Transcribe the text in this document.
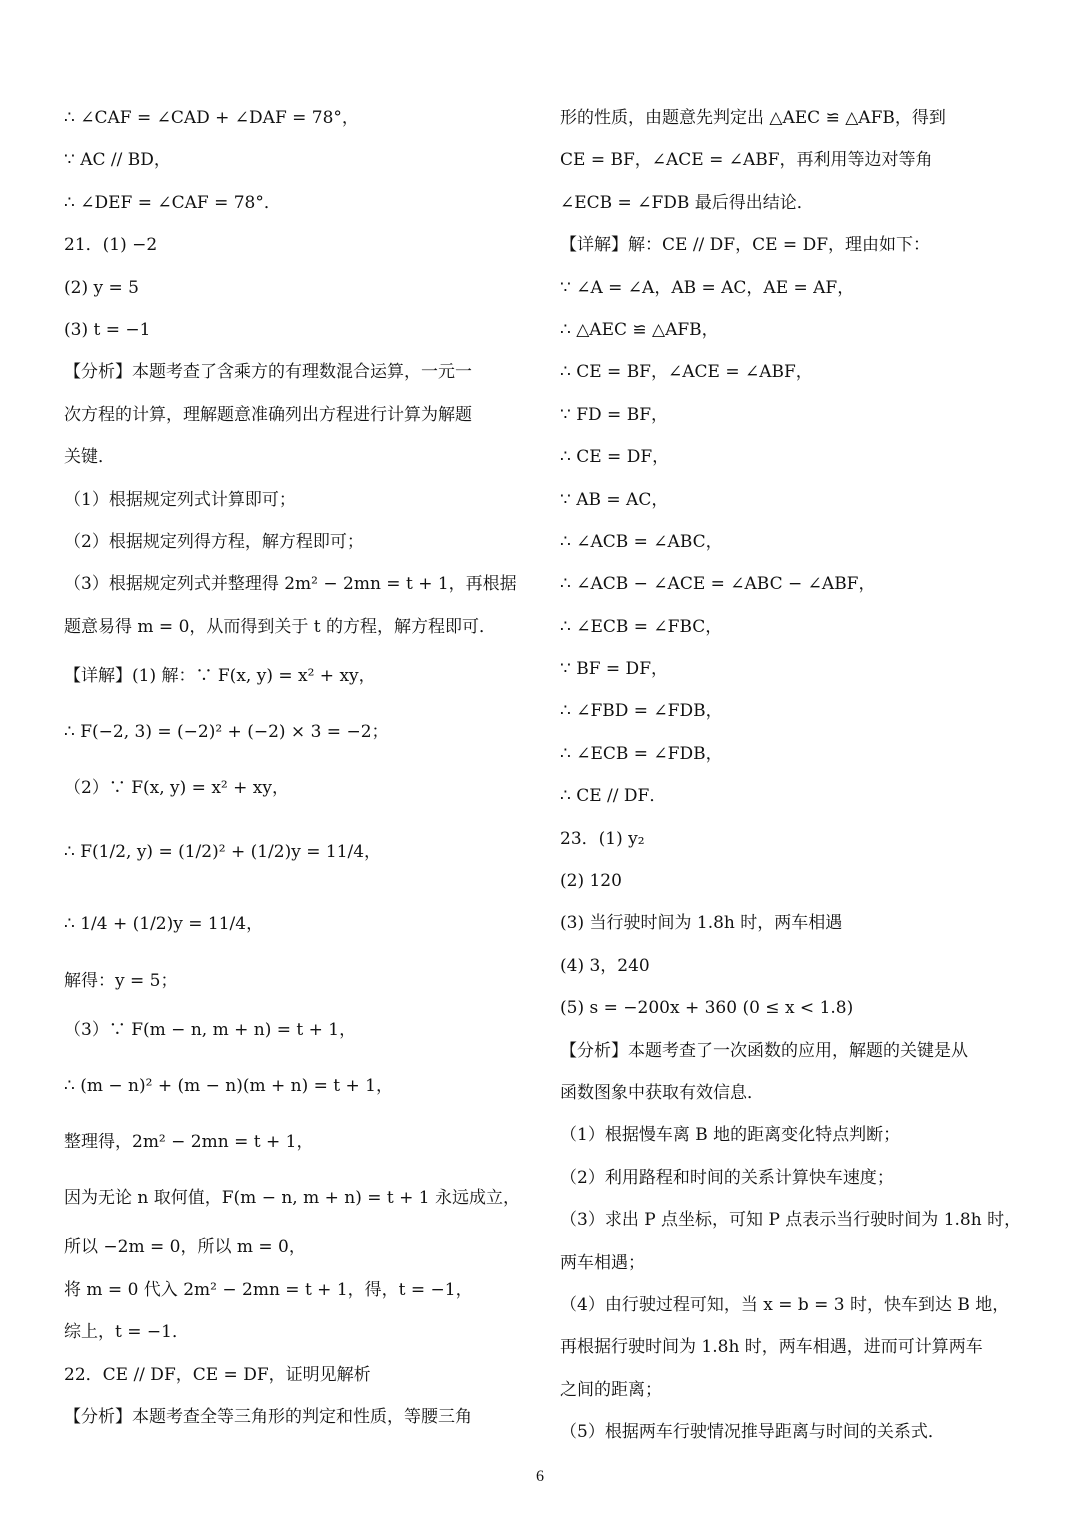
∴ ∠CAF = ∠CAD + ∠DAF = 78°，
∵ AC // BD，
∴ ∠DEF = ∠CAF = 78°．
21．(1) −2
(2) y = 5
(3) t = −1
【分析】本题考查了含乘方的有理数混合运算，一元一
次方程的计算，理解题意准确列出方程进行计算为解题
关键．
（1）根据规定列式计算即可；
（2）根据规定列得方程，解方程即可；
（3）根据规定列式并整理得 2m² − 2mn = t + 1，再根据
题意易得 m = 0，从而得到关于 t 的方程，解方程即可．
【详解】(1) 解：∵ F(x, y) = x² + xy，
∴ F(−2, 3) = (−2)² + (−2) × 3 = −2；
（2）∵ F(x, y) = x² + xy，
∴ F(1/2, y) = (1/2)² + (1/2)y = 11/4，
∴ 1/4 + (1/2)y = 11/4，
解得：y = 5；
（3）∵ F(m − n, m + n) = t + 1，
∴ (m − n)² + (m − n)(m + n) = t + 1，
整理得，2m² − 2mn = t + 1，
因为无论 n 取何值，F(m − n, m + n) = t + 1 永远成立，
所以 −2m = 0，所以 m = 0，
将 m = 0 代入 2m² − 2mn = t + 1，得，t = −1，
综上，t = −1．
22．CE // DF，CE = DF，证明见解析
【分析】本题考查全等三角形的判定和性质，等腰三角
形的性质，由题意先判定出 △AEC ≌ △AFB，得到
CE = BF，∠ACE = ∠ABF，再利用等边对等角
∠ECB = ∠FDB 最后得出结论．
【详解】解：CE // DF，CE = DF，理由如下：
∵ ∠A = ∠A，AB = AC，AE = AF，
∴ △AEC ≌ △AFB，
∴ CE = BF，∠ACE = ∠ABF，
∵ FD = BF，
∴ CE = DF，
∵ AB = AC，
∴ ∠ACB = ∠ABC，
∴ ∠ACB − ∠ACE = ∠ABC − ∠ABF，
∴ ∠ECB = ∠FBC，
∵ BF = DF，
∴ ∠FBD = ∠FDB，
∴ ∠ECB = ∠FDB，
∴ CE // DF．
23．(1) y₂
(2) 120
(3) 当行驶时间为 1.8h 时，两车相遇
(4) 3，240
(5) s = −200x + 360 (0 ≤ x < 1.8)
【分析】本题考查了一次函数的应用，解题的关键是从
函数图象中获取有效信息．
（1）根据慢车离 B 地的距离变化特点判断；
（2）利用路程和时间的关系计算快车速度；
（3）求出 P 点坐标，可知 P 点表示当行驶时间为 1.8h 时，
两车相遇；
（4）由行驶过程可知，当 x = b = 3 时，快车到达 B 地，
再根据行驶时间为 1.8h 时，两车相遇，进而可计算两车
之间的距离；
（5）根据两车行驶情况推导距离与时间的关系式．
6
